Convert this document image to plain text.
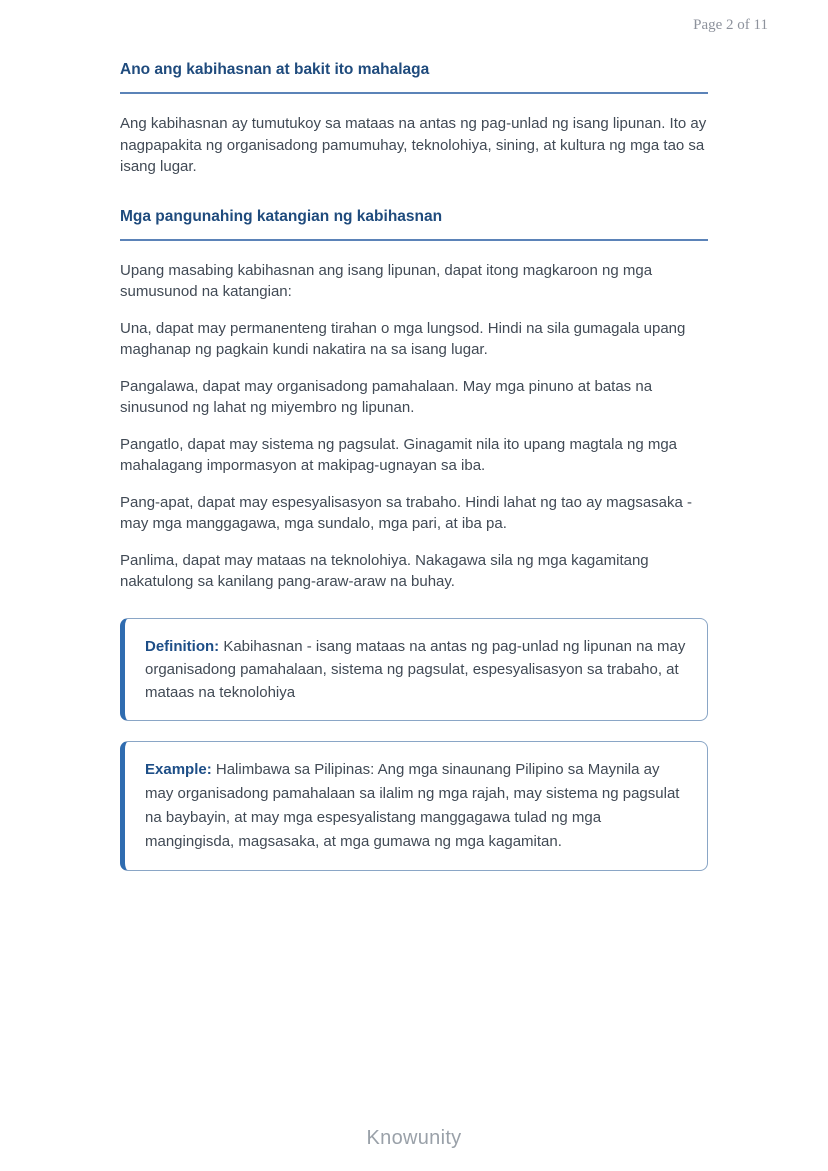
Page 2 of 11
Ano ang kabihasnan at bakit ito mahalaga

Ang kabihasnan ay tumutukoy sa mataas na antas ng pag-unlad ng isang lipunan. Ito ay nagpapakita ng organisadong pamumuhay, teknolohiya, sining, at kultura ng mga tao sa isang lugar.

Mga pangunahing katangian ng kabihasnan

Upang masabing kabihasnan ang isang lipunan, dapat itong magkaroon ng mga sumusunod na katangian:

Una, dapat may permanenteng tirahan o mga lungsod. Hindi na sila gumagala upang maghanap ng pagkain kundi nakatira na sa isang lugar.

Pangalawa, dapat may organisadong pamahalaan. May mga pinuno at batas na sinusunod ng lahat ng miyembro ng lipunan.

Pangatlo, dapat may sistema ng pagsulat. Ginagamit nila ito upang magtala ng mga mahalagang impormasyon at makipag-ugnayan sa iba.

Pang-apat, dapat may espesyalisasyon sa trabaho. Hindi lahat ng tao ay magsasaka - may mga manggagawa, mga sundalo, mga pari, at iba pa.

Panlima, dapat may mataas na teknolohiya. Nakagawa sila ng mga kagamitang nakatulong sa kanilang pang-araw-araw na buhay.

Definition: Kabihasnan - isang mataas na antas ng pag-unlad ng lipunan na may organisadong pamahalaan, sistema ng pagsulat, espesyalisasyon sa trabaho, at mataas na teknolohiya
Example: Halimbawa sa Pilipinas: Ang mga sinaunang Pilipino sa Maynila ay may organisadong pamahalaan sa ilalim ng mga rajah, may sistema ng pagsulat na baybayin, at may mga espesyalistang manggagawa tulad ng mga mangingisda, magsasaka, at mga gumawa ng mga kagamitan.
Knowunity
